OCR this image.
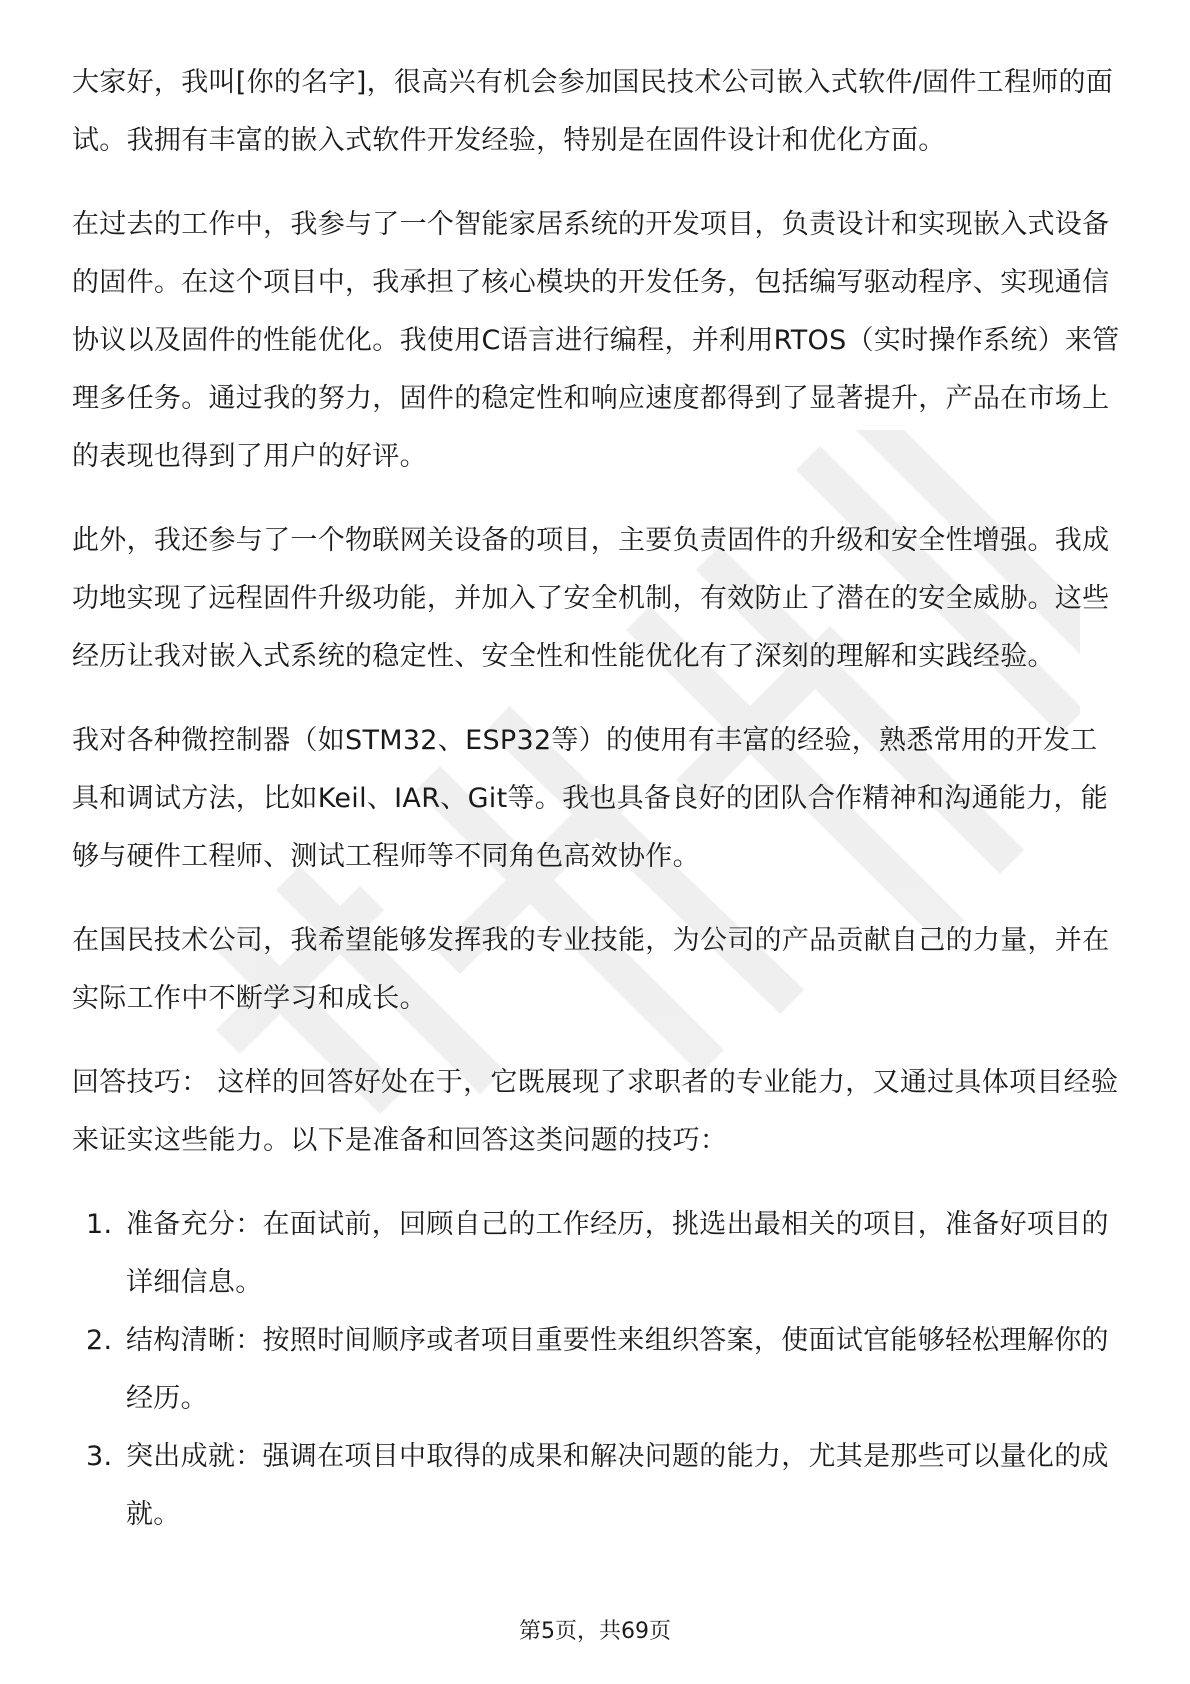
大家好，我叫[你的名字]，很高兴有机会参加国民技术公司嵌入式软件/固件工程师的面试。我拥有丰富的嵌入式软件开发经验，特别是在固件设计和优化方面。

在过去的工作中，我参与了一个智能家居系统的开发项目，负责设计和实现嵌入式设备的固件。在这个项目中，我承担了核心模块的开发任务，包括编写驱动程序、实现通信协议以及固件的性能优化。我使用C语言进行编程，并利用RTOS（实时操作系统）来管理多任务。通过我的努力，固件的稳定性和响应速度都得到了显著提升，产品在市场上的表现也得到了用户的好评。

此外，我还参与了一个物联网关设备的项目，主要负责固件的升级和安全性增强。我成功地实现了远程固件升级功能，并加入了安全机制，有效防止了潜在的安全威胁。这些经历让我对嵌入式系统的稳定性、安全性和性能优化有了深刻的理解和实践经验。

我对各种微控制器（如STM32、ESP32等）的使用有丰富的经验，熟悉常用的开发工具和调试方法，比如Keil、IAR、Git等。我也具备良好的团队合作精神和沟通能力，能够与硬件工程师、测试工程师等不同角色高效协作。

在国民技术公司，我希望能够发挥我的专业技能，为公司的产品贡献自己的力量，并在实际工作中不断学习和成长。

回答技巧： 这样的回答好处在于，它既展现了求职者的专业能力，又通过具体项目经验来证实这些能力。以下是准备和回答这类问题的技巧：

1. 准备充分：在面试前，回顾自己的工作经历，挑选出最相关的项目，准备好项目的详细信息。
2. 结构清晰：按照时间顺序或者项目重要性来组织答案，使面试官能够轻松理解你的经历。
3. 突出成就：强调在项目中取得的成果和解决问题的能力，尤其是那些可以量化的成就。
第5页，共69页
